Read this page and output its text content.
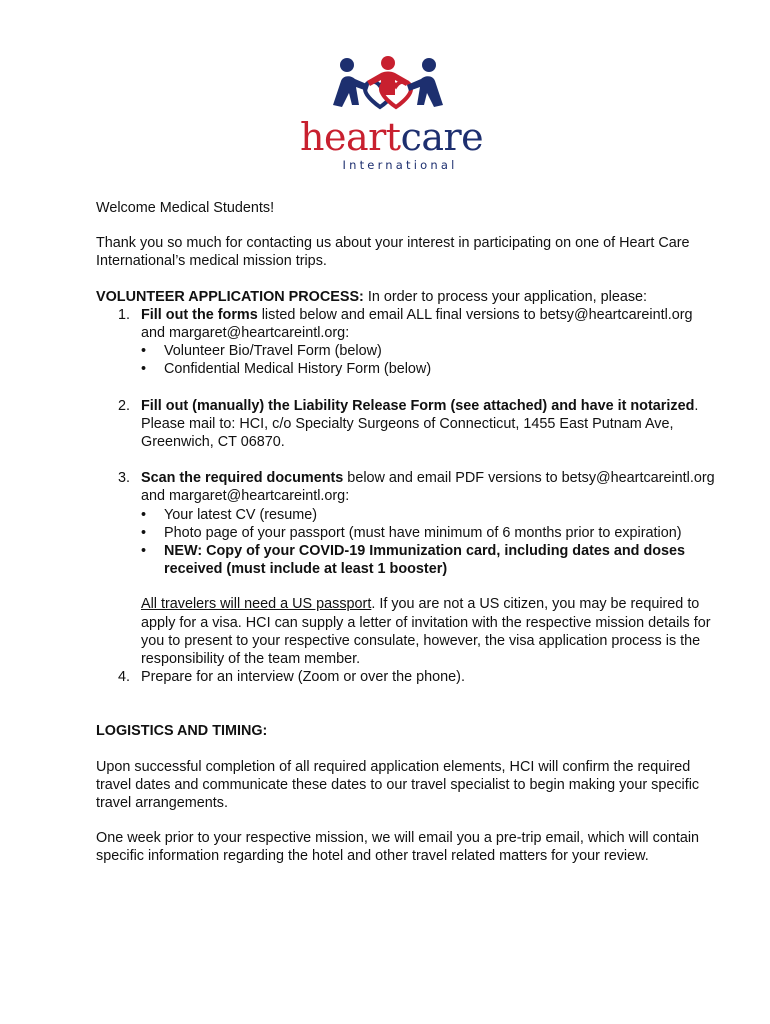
heartcare
International

Welcome Medical Students!

Thank you so much for contacting us about your interest in participating on one of Heart Care International’s medical mission trips.

VOLUNTEER APPLICATION PROCESS: In order to process your application, please:

1. Fill out the forms listed below and email ALL final versions to betsy@heartcareintl.org and margaret@heartcareintl.org:
• Volunteer Bio/Travel Form (below)
• Confidential Medical History Form (below)
2. Fill out (manually) the Liability Release Form (see attached) and have it notarized. Please mail to: HCI, c/o Specialty Surgeons of Connecticut, 1455 East Putnam Ave, Greenwich, CT 06870.
3. Scan the required documents below and email PDF versions to betsy@heartcareintl.org and margaret@heartcareintl.org:
• Your latest CV (resume)
• Photo page of your passport (must have minimum of 6 months prior to expiration)
• NEW: Copy of your COVID-19 Immunization card, including dates and doses received (must include at least 1 booster)

All travelers will need a US passport. If you are not a US citizen, you may be required to apply for a visa. HCI can supply a letter of invitation with the respective mission details for you to present to your respective consulate, however, the visa application process is the responsibility of the team member.

4. Prepare for an interview (Zoom or over the phone).

LOGISTICS AND TIMING:

Upon successful completion of all required application elements, HCI will confirm the required travel dates and communicate these dates to our travel specialist to begin making your specific travel arrangements.

One week prior to your respective mission, we will email you a pre-trip email, which will contain specific information regarding the hotel and other travel related matters for your review.
